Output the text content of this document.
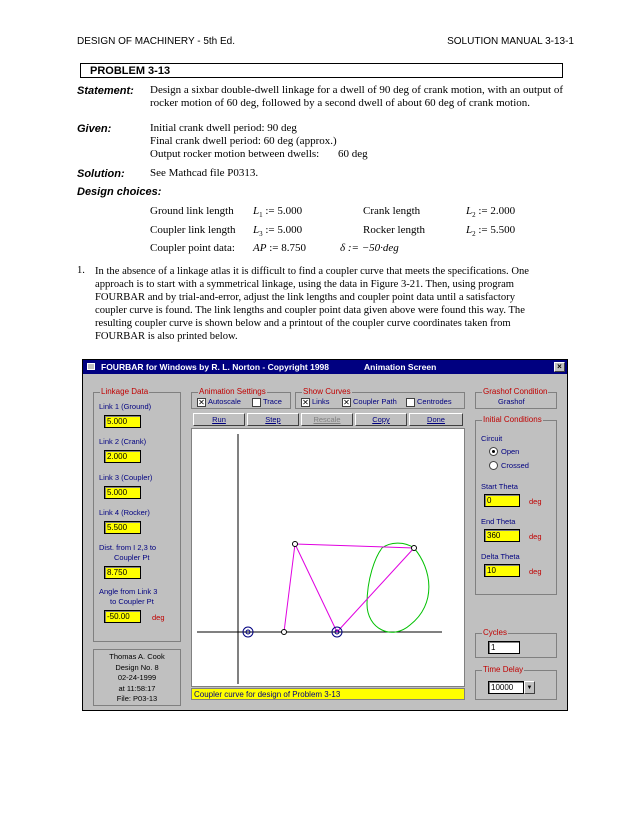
DESIGN OF MACHINERY - 5th Ed.	SOLUTION MANUAL 3-13-1
PROBLEM 3-13
Statement: Design a sixbar double-dwell linkage for a dwell of 90 deg of crank motion, with an output of
rocker motion of 60 deg, followed by a second dwell of about 60 deg of crank motion.
Given:	Initial crank dwell period: 90 deg
Final crank dwell period: 60 deg (approx.)
Output rocker motion between dwells: 60 deg
Solution: See Mathcad file P0313.
Design choices:
Ground link length $L_1$ := 5.000	Crank length	$L_2$ := 2.000
Coupler link length $L_3$ := 5.000	Rocker length	$L_2$ := 5.500
Coupler point data: AP := 8.750	δ := −50·deg
1. In the absence of a linkage atlas it is difficult to find a coupler curve that meets the specifications. One
approach is to start with a symmetrical linkage, using the data in Figure 3-21. Then, using program
FOURBAR and by trial-and-error, adjust the link lengths and coupler point data until a satisfactory
coupler curve is found. The link lengths and coupler point data given above were found this way. The
resulting coupler curve is shown below and a printout of the coupler curve coordinates taken from
FOURBAR is also printed below.
FOURBAR for Windows by R. L. Norton - Copyright 1998	Animation Screen	×
Linkage Data
Link 1 (Ground)
5.000
Link 2 (Crank)
2.000
Link 3 (Coupler)
5.000
Link 4 (Rocker)
5.500
Dist. from I 2,3 to
Coupler Pt
8.750
Angle from Link 3
to Coupler Pt
-50.00	deg
Thomas A. Cook
Design No. 8
02-24-1999
at 11:58:17
File: P03-13
Animation Settings
✕ Autoscale	Trace
Show Curves
✕ Links ✕ Coupler Path	Centrodes
Run	Step	Rescale	Copy	Done
Coupler curve for design of Problem 3-13
Grashof Condition
Grashof
Initial Conditions
Circuit
Open
Crossed
Start Theta
0	deg
End Theta
360	deg
Delta Theta
10	deg
Cycles
1
Time Delay
10000	▼
